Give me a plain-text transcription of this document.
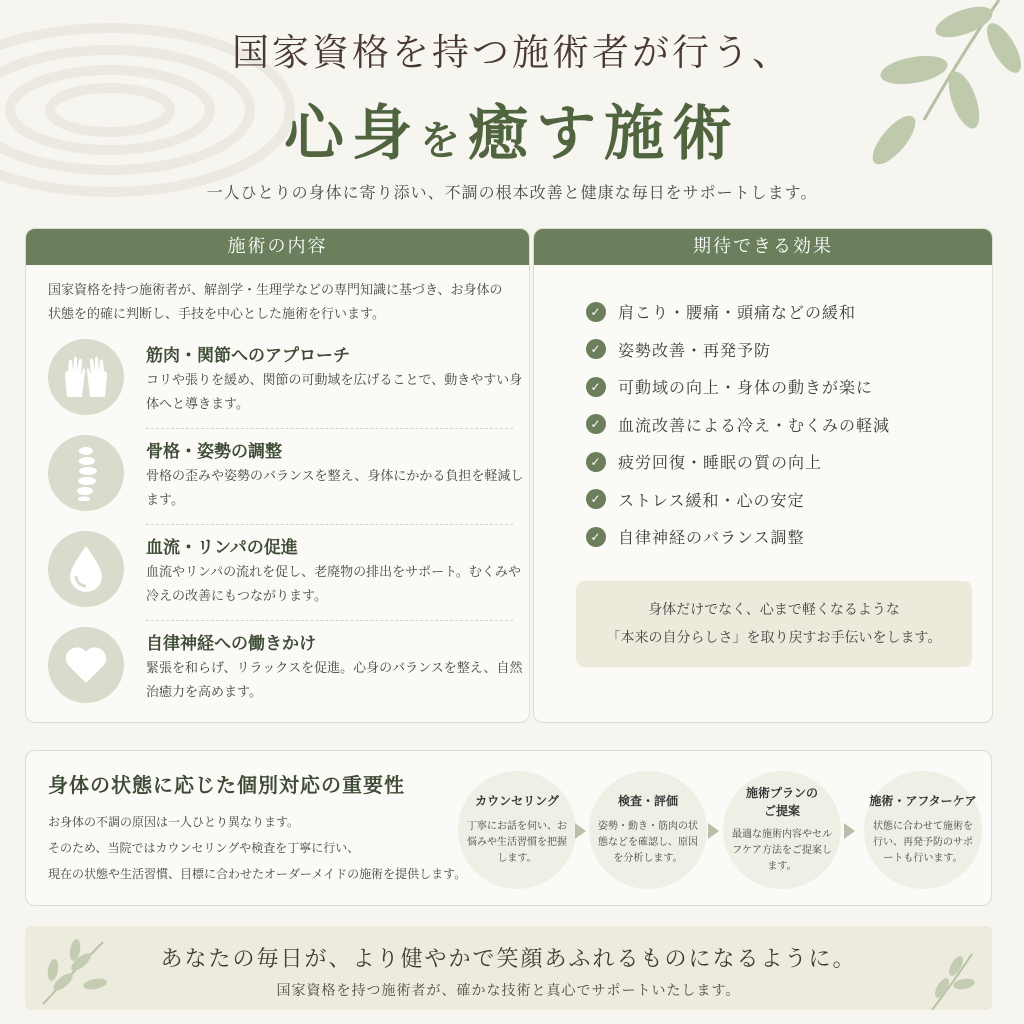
国家資格を持つ施術者が行う、
心身を癒す施術
一人ひとりの身体に寄り添い、不調の根本改善と健康な毎日をサポートします。
施術の内容
国家資格を持つ施術者が、解剖学・生理学などの専門知識に基づき、お身体の状態を的確に判断し、手技を中心とした施術を行います。
筋肉・関節へのアプローチ
コリや張りを緩め、関節の可動域を広げることで、動きやすい身体へと導きます。
骨格・姿勢の調整
骨格の歪みや姿勢のバランスを整え、身体にかかる負担を軽減します。
血流・リンパの促進
血流やリンパの流れを促し、老廃物の排出をサポート。むくみや冷えの改善にもつながります。
自律神経への働きかけ
緊張を和らげ、リラックスを促進。心身のバランスを整え、自然治癒力を高めます。
期待できる効果
✓ 肩こり・腰痛・頭痛などの緩和
✓ 姿勢改善・再発予防
✓ 可動域の向上・身体の動きが楽に
✓ 血流改善による冷え・むくみの軽減
✓ 疲労回復・睡眠の質の向上
✓ ストレス緩和・心の安定
✓ 自律神経のバランス調整
身体だけでなく、心まで軽くなるような
「本来の自分らしさ」を取り戻すお手伝いをします。
身体の状態に応じた個別対応の重要性
お身体の不調の原因は一人ひとり異なります。
そのため、当院ではカウンセリングや検査を丁寧に行い、
現在の状態や生活習慣、目標に合わせたオーダーメイドの施術を提供します。
カウンセリング
丁寧にお話を伺い、お悩みや生活習慣を把握します。
検査・評価
姿勢・動き・筋肉の状態などを確認し、原因を分析します。
施術プランの
ご提案
最適な施術内容やセルフケア方法をご提案します。
施術・アフターケア
状態に合わせて施術を行い、再発予防のサポートも行います。
あなたの毎日が、より健やかで笑顔あふれるものになるように。
国家資格を持つ施術者が、確かな技術と真心でサポートいたします。
